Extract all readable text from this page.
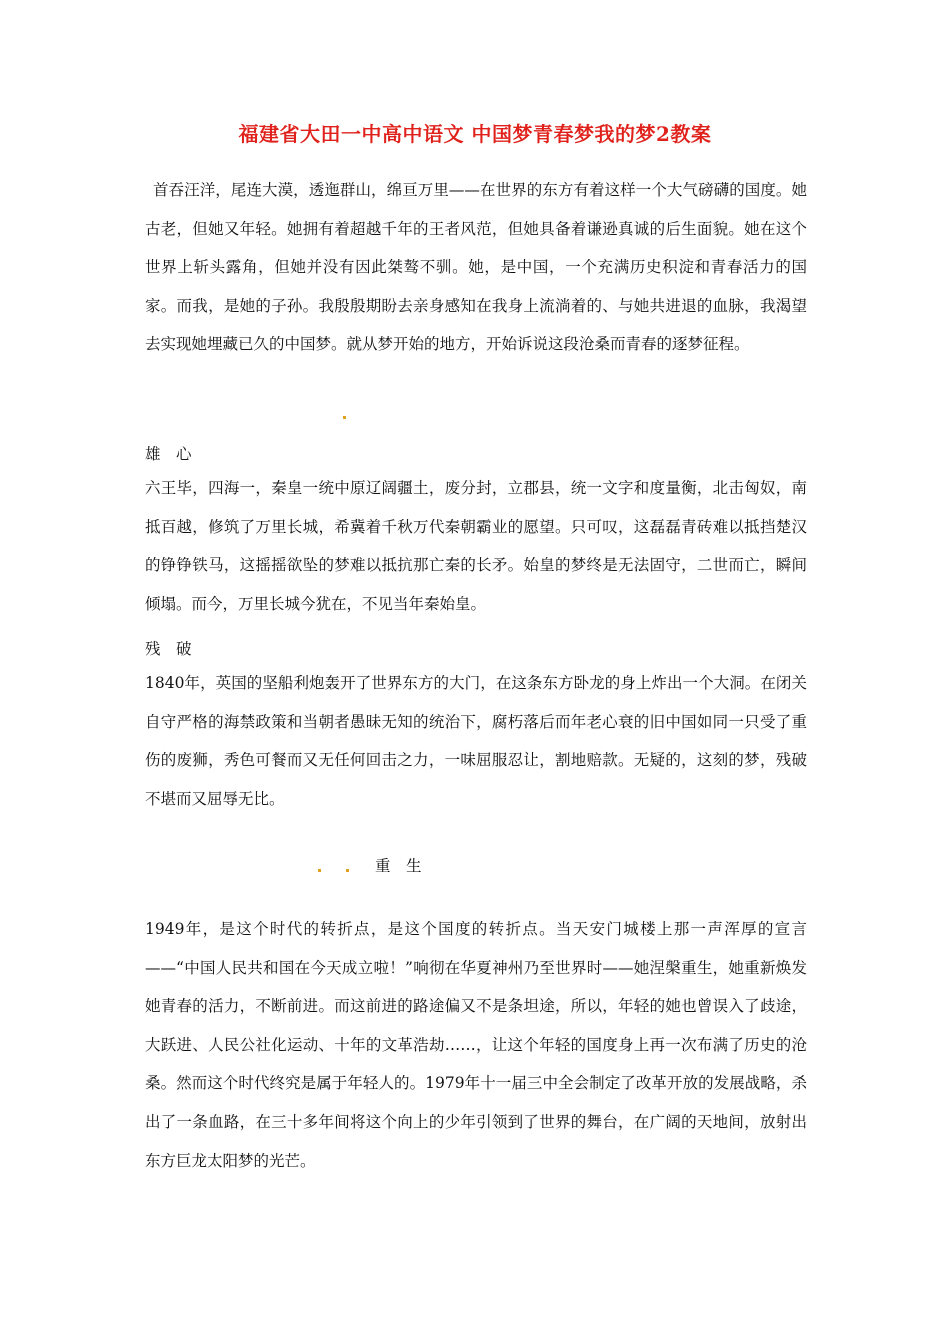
福建省大田一中高中语文 中国梦青春梦我的梦2教案

首吞汪洋，尾连大漠，透迤群山，绵亘万里——在世界的东方有着这样一个大气磅礴的国度。她古老，但她又年轻。她拥有着超越千年的王者风范，但她具备着谦逊真诚的后生面貌。她在这个世界上斩头露角，但她并没有因此桀骜不驯。她，是中国，一个充满历史积淀和青春活力的国家。而我，是她的子孙。我殷殷期盼去亲身感知在我身上流淌着的、与她共进退的血脉，我渴望去实现她埋藏已久的中国梦。就从梦开始的地方，开始诉说这段沧桑而青春的逐梦征程。

雄　心

六王毕，四海一，秦皇一统中原辽阔疆土，废分封，立郡县，统一文字和度量衡，北击匈奴，南抵百越，修筑了万里长城，希冀着千秋万代秦朝霸业的愿望。只可叹，这磊磊青砖难以抵挡楚汉的铮铮铁马，这摇摇欲坠的梦难以抵抗那亡秦的长矛。始皇的梦终是无法固守，二世而亡，瞬间倾塌。而今，万里长城今犹在，不见当年秦始皇。

残　破

1840年，英国的坚船利炮轰开了世界东方的大门，在这条东方卧龙的身上炸出一个大洞。在闭关自守严格的海禁政策和当朝者愚昧无知的统治下，腐朽落后而年老心衰的旧中国如同一只受了重伤的废狮，秀色可餐而又无任何回击之力，一味屈服忍让，割地赔款。无疑的，这刻的梦，残破不堪而又屈辱无比。

重　生

1949年，是这个时代的转折点，是这个国度的转折点。当天安门城楼上那一声浑厚的宣言——“中国人民共和国在今天成立啦！”响彻在华夏神州乃至世界时——她涅槃重生，她重新焕发她青春的活力，不断前进。而这前进的路途偏又不是条坦途，所以，年轻的她也曾误入了歧途，大跃进、人民公社化运动、十年的文革浩劫……，让这个年轻的国度身上再一次布满了历史的沧桑。然而这个时代终究是属于年轻人的。1979年十一届三中全会制定了改革开放的发展战略，杀出了一条血路，在三十多年间将这个向上的少年引领到了世界的舞台，在广阔的天地间，放射出东方巨龙太阳梦的光芒。
